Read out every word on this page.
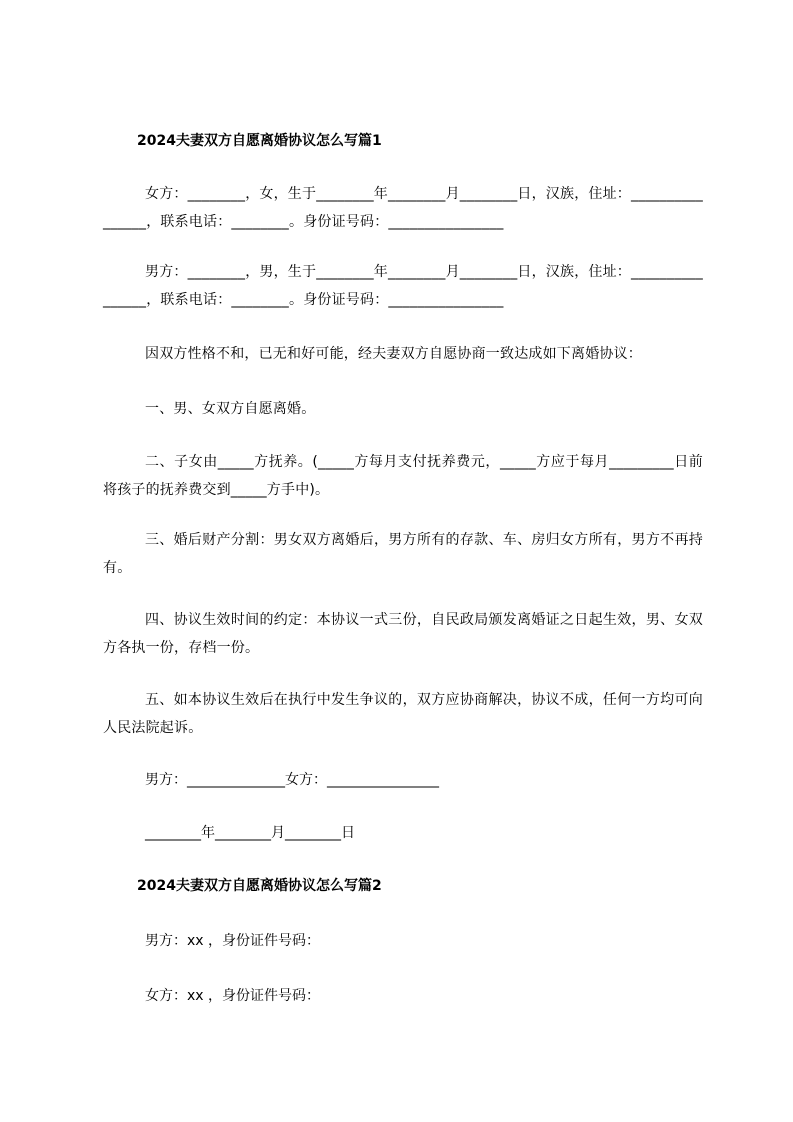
2024夫妻双方自愿离婚协议怎么写篇1
女方：________，女，生于________年________月________日，汉族，住址：________________，联系电话：________。身份证号码：________________
男方：________，男，生于________年________月________日，汉族，住址：________________，联系电话：________。身份证号码：________________
因双方性格不和，已无和好可能，经夫妻双方自愿协商一致达成如下离婚协议：
一、男、女双方自愿离婚。
二、子女由_____方抚养。(_____方每月支付抚养费元，_____方应于每月_________日前将孩子的抚养费交到_____方手中)。
三、婚后财产分割：男女双方离婚后，男方所有的存款、车、房归女方所有，男方不再持有。
四、协议生效时间的约定：本协议一式三份，自民政局颁发离婚证之日起生效，男、女双方各执一份，存档一份。
五、如本协议生效后在执行中发生争议的，双方应协商解决，协议不成，任何一方均可向人民法院起诉。
男方：______________女方：________________
________年________月________日
2024夫妻双方自愿离婚协议怎么写篇2
男方：xx ，身份证件号码：
女方：xx ，身份证件号码：
